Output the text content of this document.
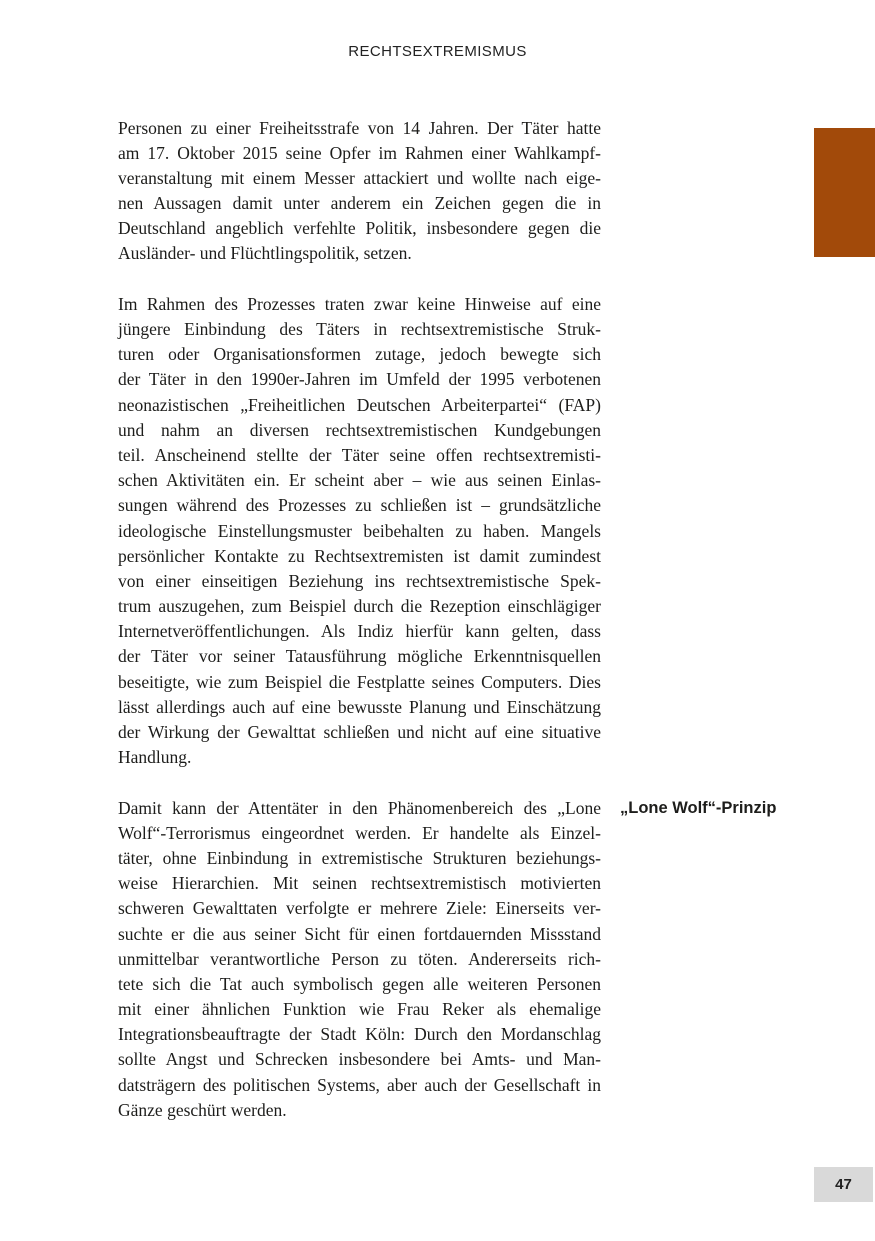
RECHTSEXTREMISMUS
Personen zu einer Freiheitsstrafe von 14 Jahren. Der Täter hatte
am 17. Oktober 2015 seine Opfer im Rahmen einer Wahlkampf-
veranstaltung mit einem Messer attackiert und wollte nach eige-
nen Aussagen damit unter anderem ein Zeichen gegen die in
Deutschland angeblich verfehlte Politik, insbesondere gegen die
Ausländer- und Flüchtlingspolitik, setzen.
Im Rahmen des Prozesses traten zwar keine Hinweise auf eine
jüngere Einbindung des Täters in rechtsextremistische Struk-
turen oder Organisationsformen zutage, jedoch bewegte sich
der Täter in den 1990er-Jahren im Umfeld der 1995 verbotenen
neonazistischen „Freiheitlichen Deutschen Arbeiterpartei“ (FAP)
und nahm an diversen rechtsextremistischen Kundgebungen
teil. Anscheinend stellte der Täter seine offen rechtsextremisti-
schen Aktivitäten ein. Er scheint aber – wie aus seinen Einlas-
sungen während des Prozesses zu schließen ist – grundsätzliche
ideologische Einstellungsmuster beibehalten zu haben. Mangels
persönlicher Kontakte zu Rechtsextremisten ist damit zumindest
von einer einseitigen Beziehung ins rechtsextremistische Spek-
trum auszugehen, zum Beispiel durch die Rezeption einschlägiger
Internetveröffentlichungen. Als Indiz hierfür kann gelten, dass
der Täter vor seiner Tatausführung mögliche Erkenntnisquellen
beseitigte, wie zum Beispiel die Festplatte seines Computers. Dies
lässt allerdings auch auf eine bewusste Planung und Einschätzung
der Wirkung der Gewalttat schließen und nicht auf eine situative
Handlung.
Damit kann der Attentäter in den Phänomenbereich des „Lone
Wolf“-Terrorismus eingeordnet werden. Er handelte als Einzel-
täter, ohne Einbindung in extremistische Strukturen beziehungs-
weise Hierarchien. Mit seinen rechtsextremistisch motivierten
schweren Gewalttaten verfolgte er mehrere Ziele: Einerseits ver-
suchte er die aus seiner Sicht für einen fortdauernden Missstand
unmittelbar verantwortliche Person zu töten. Andererseits rich-
tete sich die Tat auch symbolisch gegen alle weiteren Personen
mit einer ähnlichen Funktion wie Frau Reker als ehemalige
Integrationsbeauftragte der Stadt Köln: Durch den Mordanschlag
sollte Angst und Schrecken insbesondere bei Amts- und Man-
datsträgern des politischen Systems, aber auch der Gesellschaft in
Gänze geschürt werden.
„Lone Wolf“-Prinzip
47
